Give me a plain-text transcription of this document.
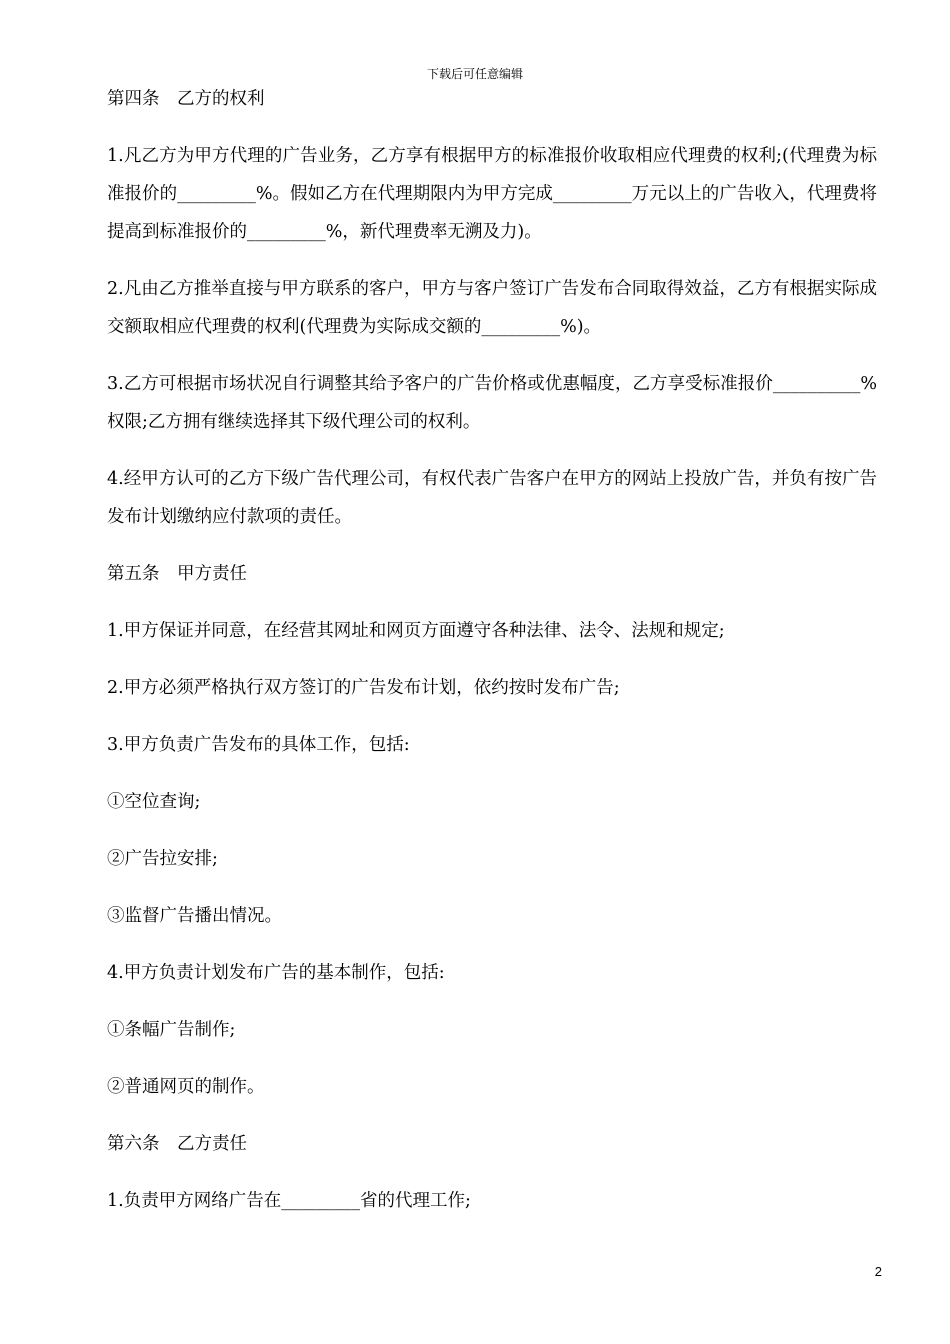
下载后可任意编辑

第四条　乙方的权利

1.凡乙方为甲方代理的广告业务，乙方享有根据甲方的标准报价收取相应代理费的权利;(代理费为标准报价的_________%。假如乙方在代理期限内为甲方完成_________万元以上的广告收入，代理费将提高到标准报价的_________%，新代理费率无溯及力)。

2.凡由乙方推举直接与甲方联系的客户，甲方与客户签订广告发布合同取得效益，乙方有根据实际成交额取相应代理费的权利(代理费为实际成交额的_________%)。

3.乙方可根据市场状况自行调整其给予客户的广告价格或优惠幅度，乙方享受标准报价__________%权限;乙方拥有继续选择其下级代理公司的权利。

4.经甲方认可的乙方下级广告代理公司，有权代表广告客户在甲方的网站上投放广告，并负有按广告发布计划缴纳应付款项的责任。

第五条　甲方责任

1.甲方保证并同意，在经营其网址和网页方面遵守各种法律、法令、法规和规定;

2.甲方必须严格执行双方签订的广告发布计划，依约按时发布广告;

3.甲方负责广告发布的具体工作，包括:

①空位查询;

②广告拉安排;

③监督广告播出情况。

4.甲方负责计划发布广告的基本制作，包括:

①条幅广告制作;

②普通网页的制作。

第六条　乙方责任

1.负责甲方网络广告在_________省的代理工作;

2
